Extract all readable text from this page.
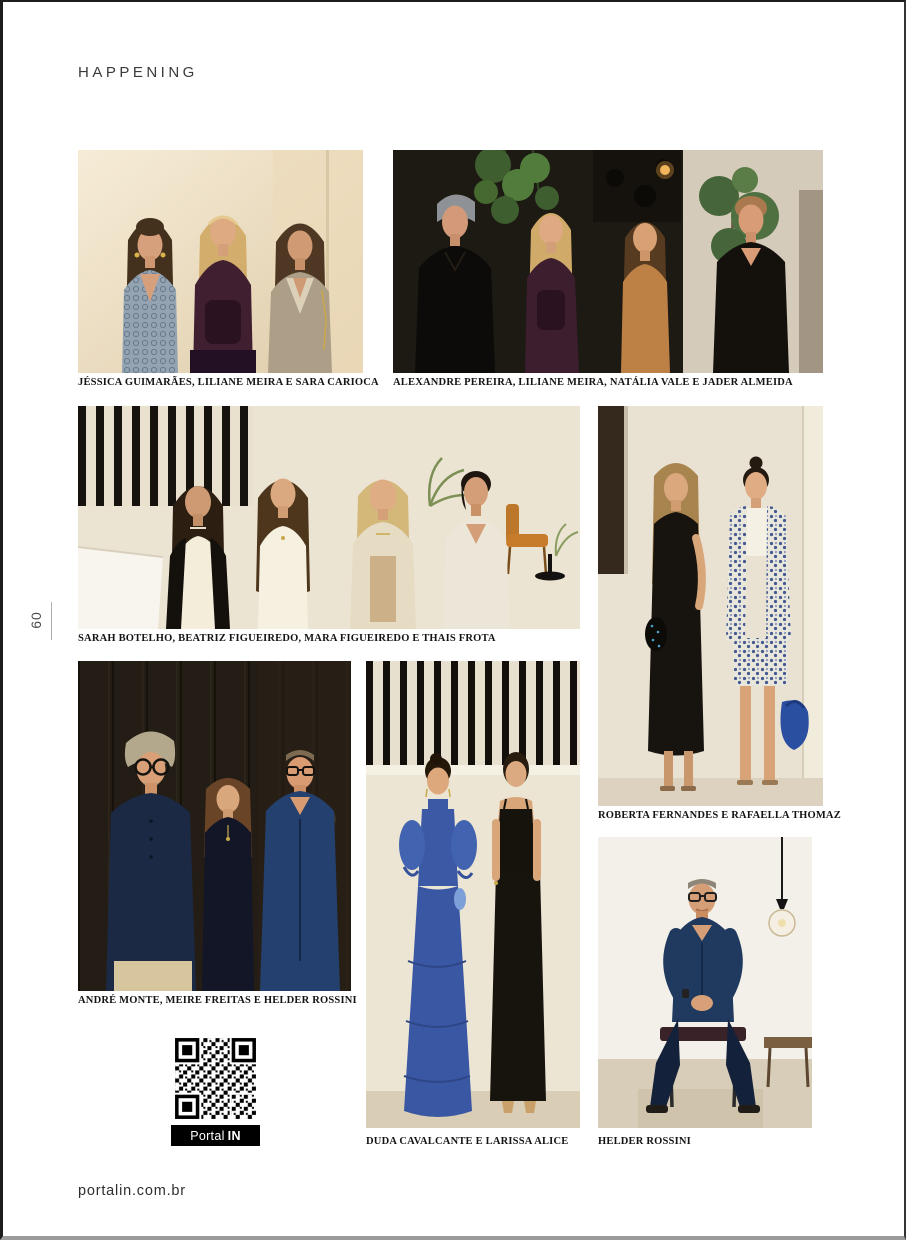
HAPPENING
60
JÉSSICA GUIMARÃES, LILIANE MEIRA E SARA CARIOCA ALEXANDRE PEREIRA, LILIANE MEIRA, NATÁLIA VALE E JADER ALMEIDA
SARAH BOTELHO, BEATRIZ FIGUEIREDO, MARA FIGUEIREDO E THAIS FROTA
ROBERTA FERNANDES E RAFAELLA THOMAZ
ANDRÉ MONTE, MEIRE FREITAS E HELDER ROSSINI
DUDA CAVALCANTE E LARISSA ALICE	HELDER ROSSINI
Portal IN
portalin.com.br
